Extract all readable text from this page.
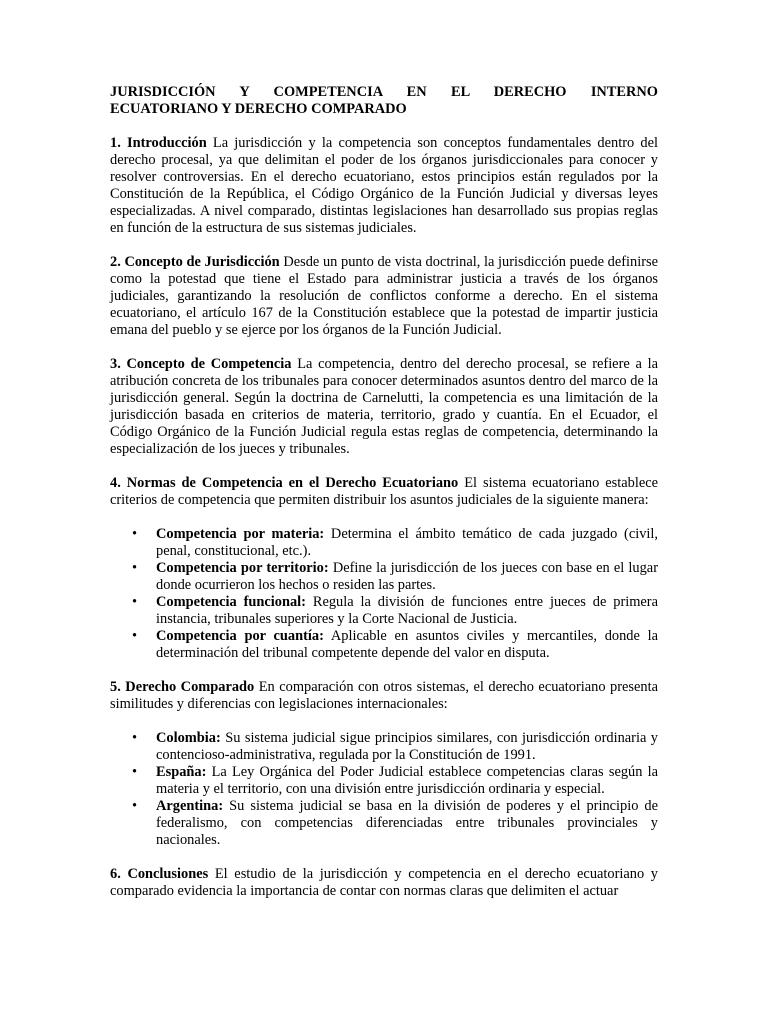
JURISDICCIÓN Y COMPETENCIA EN EL DERECHO INTERNO
ECUATORIANO Y DERECHO COMPARADO

1. Introducción La jurisdicción y la competencia son conceptos fundamentales dentro del derecho procesal, ya que delimitan el poder de los órganos jurisdiccionales para conocer y resolver controversias. En el derecho ecuatoriano, estos principios están regulados por la Constitución de la República, el Código Orgánico de la Función Judicial y diversas leyes especializadas. A nivel comparado, distintas legislaciones han desarrollado sus propias reglas en función de la estructura de sus sistemas judiciales.

2. Concepto de Jurisdicción Desde un punto de vista doctrinal, la jurisdicción puede definirse como la potestad que tiene el Estado para administrar justicia a través de los órganos judiciales, garantizando la resolución de conflictos conforme a derecho. En el sistema ecuatoriano, el artículo 167 de la Constitución establece que la potestad de impartir justicia emana del pueblo y se ejerce por los órganos de la Función Judicial.

3. Concepto de Competencia La competencia, dentro del derecho procesal, se refiere a la atribución concreta de los tribunales para conocer determinados asuntos dentro del marco de la jurisdicción general. Según la doctrina de Carnelutti, la competencia es una limitación de la jurisdicción basada en criterios de materia, territorio, grado y cuantía. En el Ecuador, el Código Orgánico de la Función Judicial regula estas reglas de competencia, determinando la especialización de los jueces y tribunales.

4. Normas de Competencia en el Derecho Ecuatoriano El sistema ecuatoriano establece criterios de competencia que permiten distribuir los asuntos judiciales de la siguiente manera:

• Competencia por materia: Determina el ámbito temático de cada juzgado (civil, penal, constitucional, etc.).
• Competencia por territorio: Define la jurisdicción de los jueces con base en el lugar donde ocurrieron los hechos o residen las partes.
• Competencia funcional: Regula la división de funciones entre jueces de primera instancia, tribunales superiores y la Corte Nacional de Justicia.
• Competencia por cuantía: Aplicable en asuntos civiles y mercantiles, donde la determinación del tribunal competente depende del valor en disputa.

5. Derecho Comparado En comparación con otros sistemas, el derecho ecuatoriano presenta similitudes y diferencias con legislaciones internacionales:

• Colombia: Su sistema judicial sigue principios similares, con jurisdicción ordinaria y contencioso-administrativa, regulada por la Constitución de 1991.
• España: La Ley Orgánica del Poder Judicial establece competencias claras según la materia y el territorio, con una división entre jurisdicción ordinaria y especial.
• Argentina: Su sistema judicial se basa en la división de poderes y el principio de federalismo, con competencias diferenciadas entre tribunales provinciales y nacionales.

6. Conclusiones El estudio de la jurisdicción y competencia en el derecho ecuatoriano y comparado evidencia la importancia de contar con normas claras que delimiten el actuar
